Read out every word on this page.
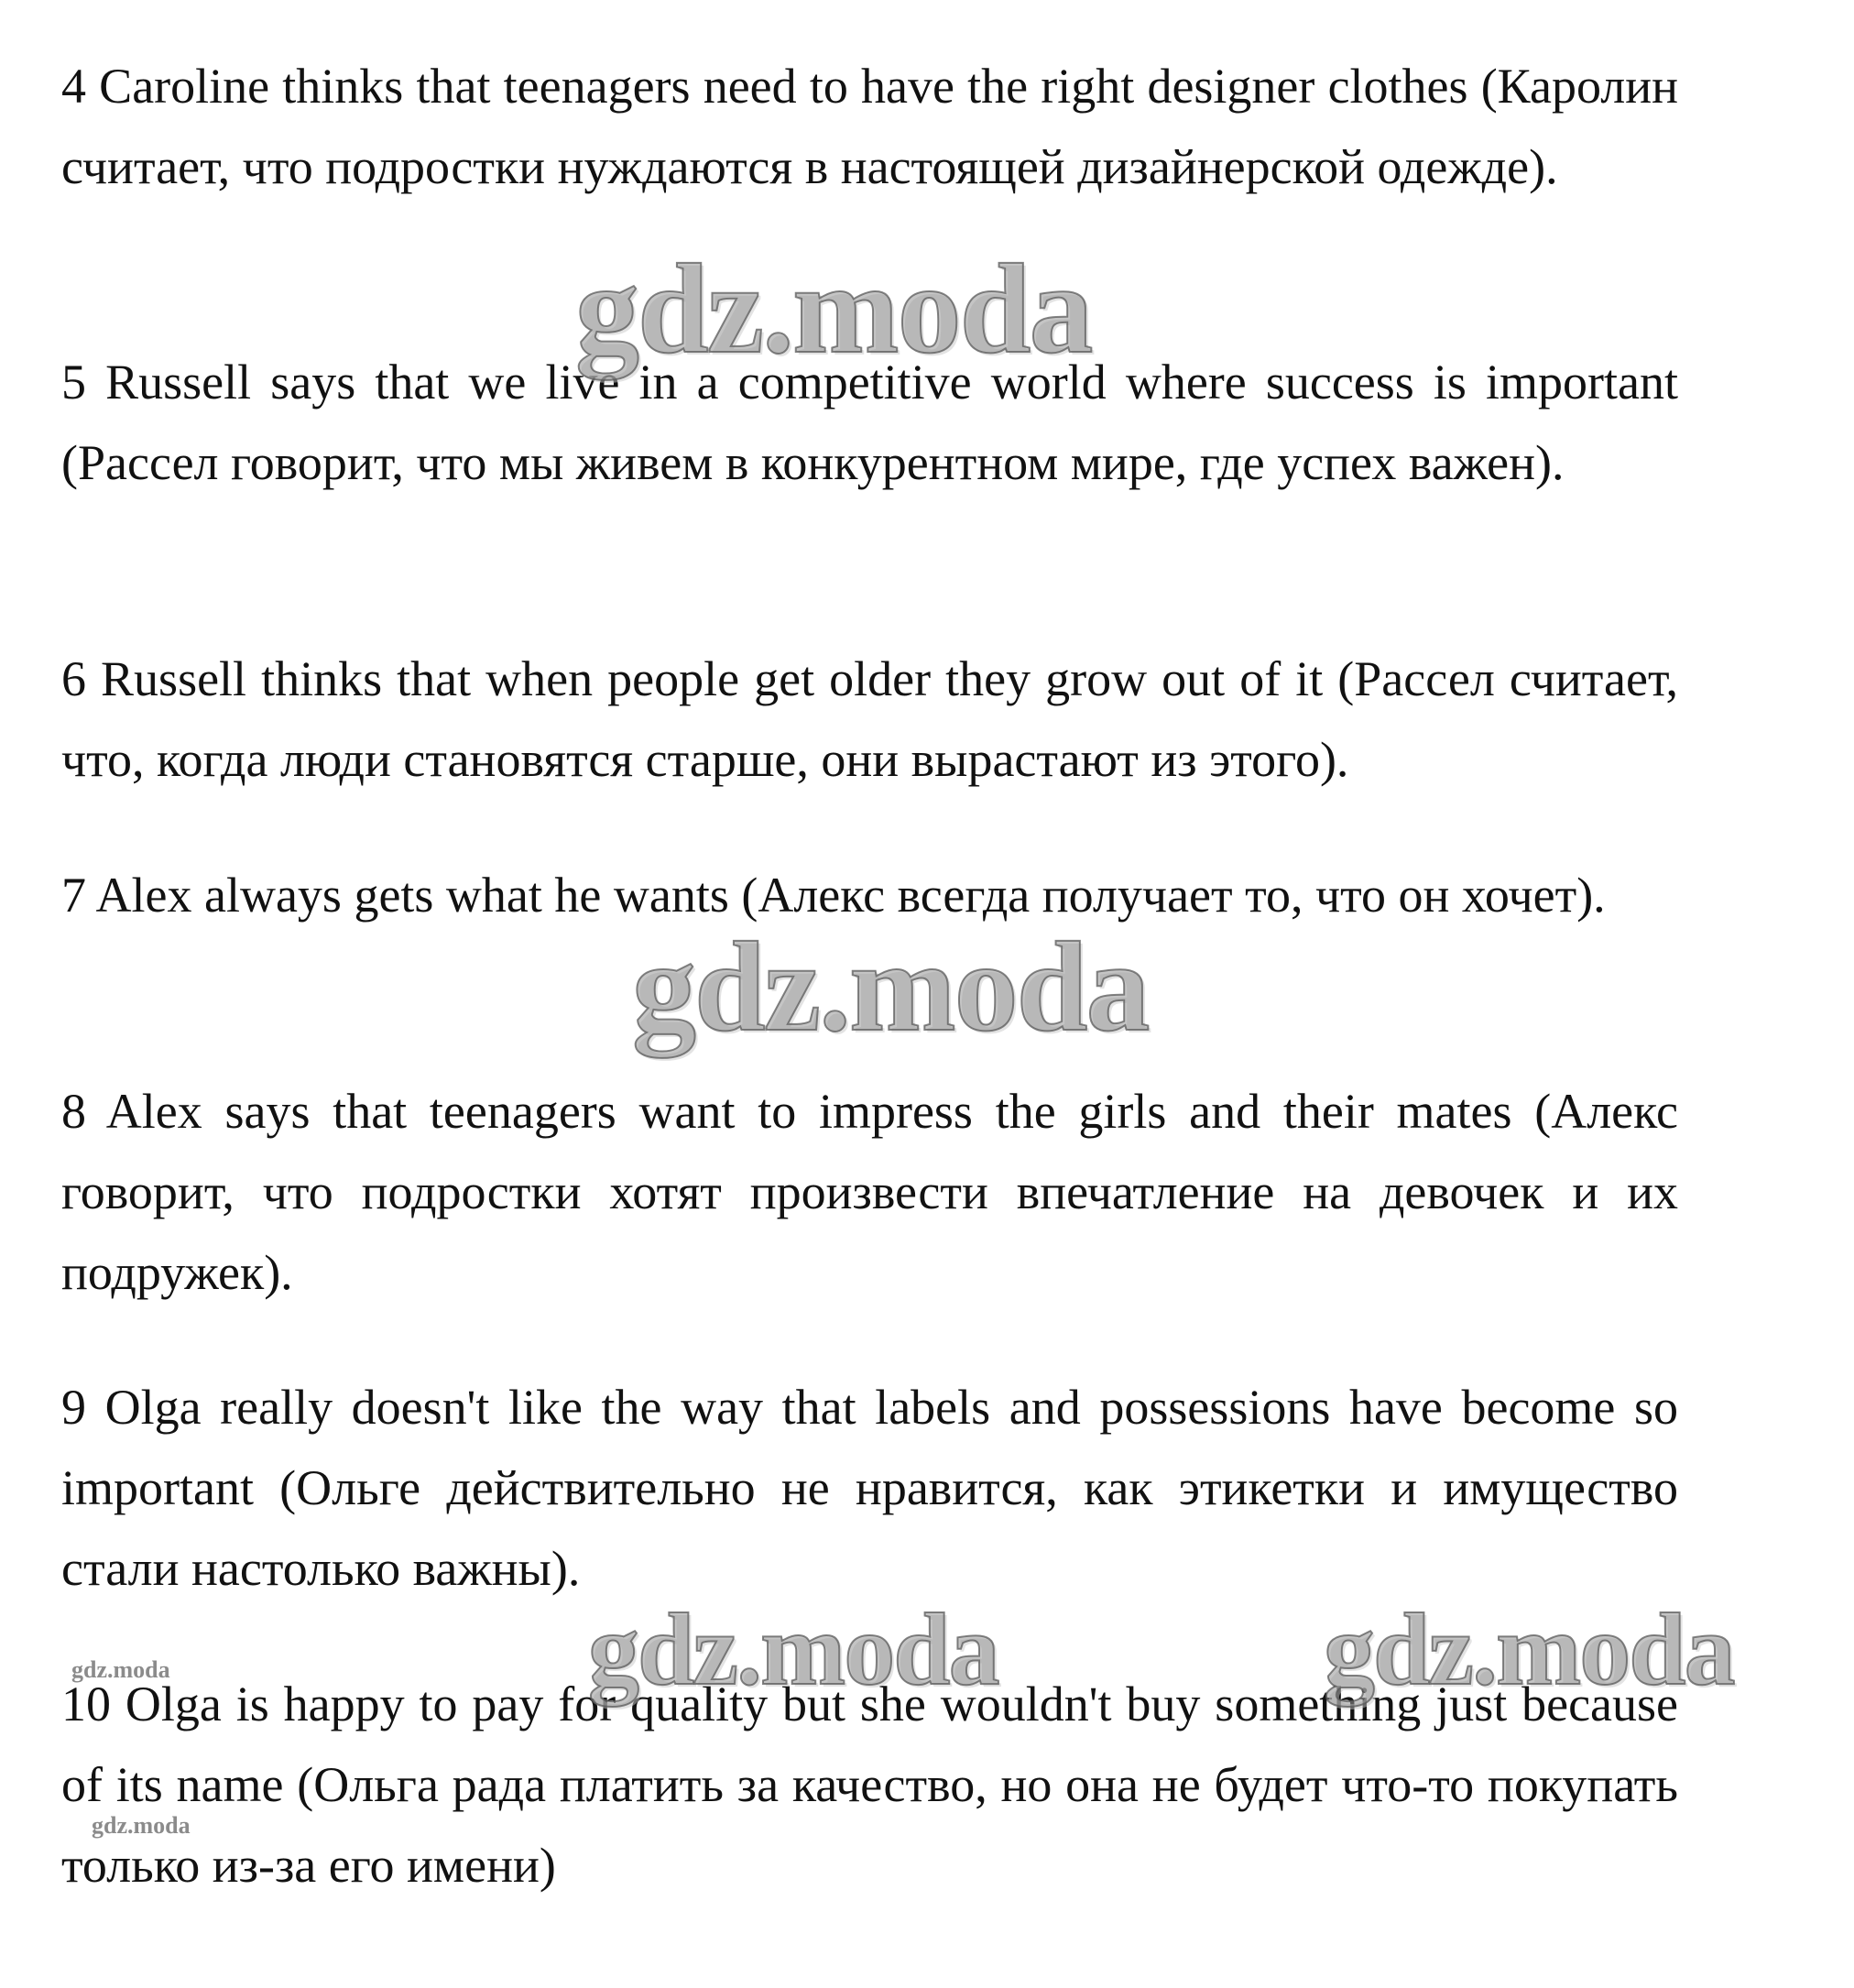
4 Caroline thinks that teenagers need to have the right designer clothes (Каролин считает, что подростки нуждаются в настоящей дизайнерской одежде).

5 Russell says that we live in a competitive world where success is important (Рассел говорит, что мы живем в конкурентном мире, где успех важен).

6 Russell thinks that when people get older they grow out of it (Рассел считает, что, когда люди становятся старше, они вырастают из этого).

7 Alex always gets what he wants (Алекс всегда получает то, что он хочет).

8 Alex says that teenagers want to impress the girls and their mates (Алекс говорит, что подростки хотят произвести впечатление на девочек и их подружек).

9 Olga really doesn't like the way that labels and possessions have become so important (Ольге действительно не нравится, как этикетки и имущество стали настолько важны).

10 Olga is happy to pay for quality but she wouldn't buy something just because of its name (Ольга рада платить за качество, но она не будет что-то покупать только из-за его имени)

gdz.moda
gdz.moda
gdz.moda	gdz.moda
gdz.moda
gdz.moda
